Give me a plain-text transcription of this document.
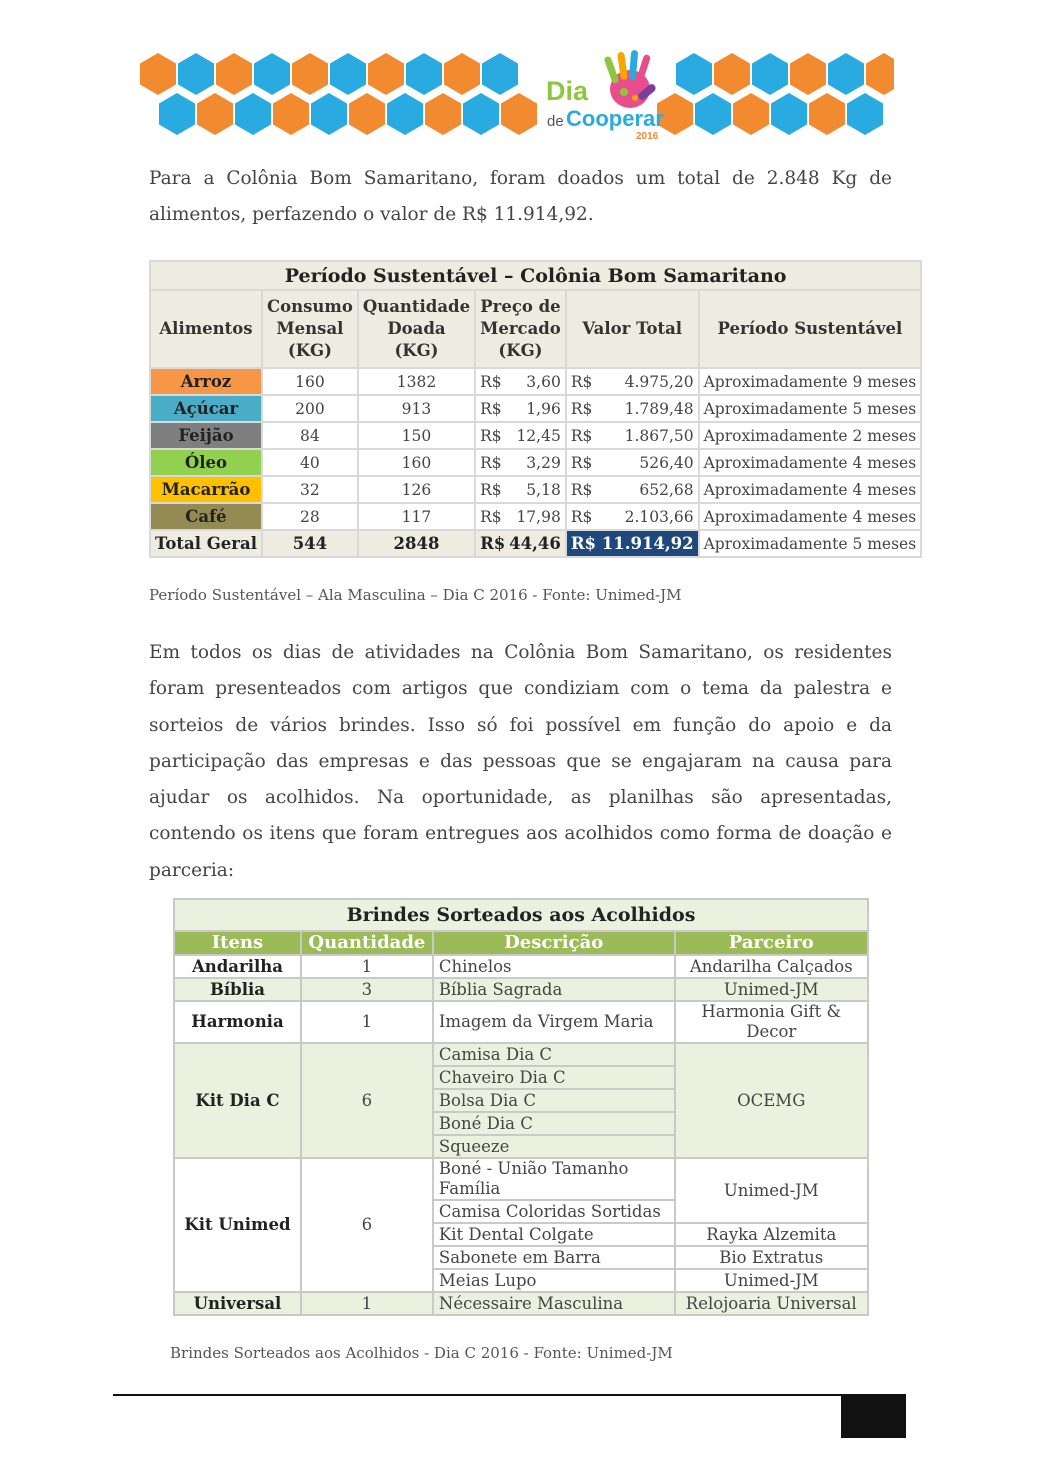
Dia
de Cooperar
2016

Para a Colônia Bom Samaritano, foram doados um total de 2.848 Kg de alimentos, perfazendo o valor de R$ 11.914,92.

Período Sustentável – Colônia Bom Samaritano					
Alimentos	Consumo Mensal (KG)	Quantidade Doada (KG)	Preço de Mercado (KG)	Valor Total	Período Sustentável
Arroz	160	1382	R$ 3,60	R$ 4.975,20	Aproximadamente 9 meses
Açúcar	200	913	R$ 1,96	R$ 1.789,48	Aproximadamente 5 meses
Feijão	84	150	R$ 12,45	R$ 1.867,50	Aproximadamente 2 meses
Óleo	40	160	R$ 3,29	R$ 526,40	Aproximadamente 4 meses
Macarrão	32	126	R$ 5,18	R$ 652,68	Aproximadamente 4 meses
Café	28	117	R$ 17,98	R$ 2.103,66	Aproximadamente 4 meses
Total Geral	544	2848	R$ 44,46	R$ 11.914,92	Aproximadamente 5 meses
Período Sustentável – Ala Masculina – Dia C 2016 - Fonte: Unimed-JM

Em todos os dias de atividades na Colônia Bom Samaritano, os residentes foram presenteados com artigos que condiziam com o tema da palestra e sorteios de vários brindes. Isso só foi possível em função do apoio e da participação das empresas e das pessoas que se engajaram na causa para ajudar os acolhidos. Na oportunidade, as planilhas são apresentadas, contendo os itens que foram entregues aos acolhidos como forma de doação e parceria:

Brindes Sorteados aos Acolhidos			
Itens	Quantidade	Descrição	Parceiro
Andarilha	1	Chinelos	Andarilha Calçados
Bíblia	3	Bíblia Sagrada	Unimed-JM
Harmonia	1	Imagem da Virgem Maria	Harmonia Gift & Decor
Kit Dia C	6	Camisa Dia C	OCEMG
		Chaveiro Dia C	
		Bolsa Dia C	
		Boné Dia C	
		Squeeze	
Kit Unimed	6	Boné - União Tamanho Família	Unimed-JM
		Camisa Coloridas Sortidas	
		Kit Dental Colgate	Rayka Alzemita
		Sabonete em Barra	Bio Extratus
		Meias Lupo	Unimed-JM
Universal	1	Nécessaire Masculina	Relojoaria Universal
Brindes Sorteados aos Acolhidos - Dia C 2016 - Fonte: Unimed-JM
